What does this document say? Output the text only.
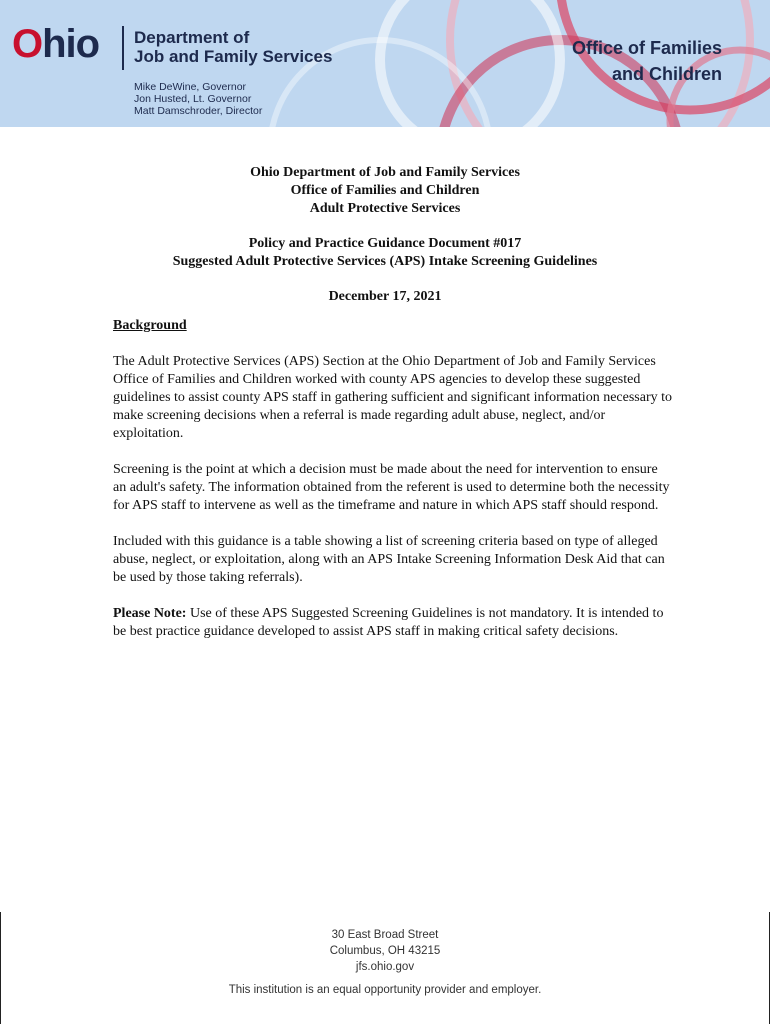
Ohio Department of
Job and Family Services
Mike DeWine, Governor
Jon Husted, Lt. Governor
Matt Damschroder, Director
Office of Families
and Children
Ohio Department of Job and Family Services
Office of Families and Children
Adult Protective Services
Policy and Practice Guidance Document #017
Suggested Adult Protective Services (APS) Intake Screening Guidelines
December 17, 2021
Background

The Adult Protective Services (APS) Section at the Ohio Department of Job and Family Services Office of Families and Children worked with county APS agencies to develop these suggested guidelines to assist county APS staff in gathering sufficient and significant information necessary to make screening decisions when a referral is made regarding adult abuse, neglect, and/or exploitation.

Screening is the point at which a decision must be made about the need for intervention to ensure an adult's safety. The information obtained from the referent is used to determine both the necessity for APS staff to intervene as well as the timeframe and nature in which APS staff should respond.

Included with this guidance is a table showing a list of screening criteria based on type of alleged abuse, neglect, or exploitation, along with an APS Intake Screening Information Desk Aid that can be used by those taking referrals).

Please Note: Use of these APS Suggested Screening Guidelines is not mandatory. It is intended to be best practice guidance developed to assist APS staff in making critical safety decisions.

30 East Broad Street
Columbus, OH 43215
jfs.ohio.gov
This institution is an equal opportunity provider and employer.
